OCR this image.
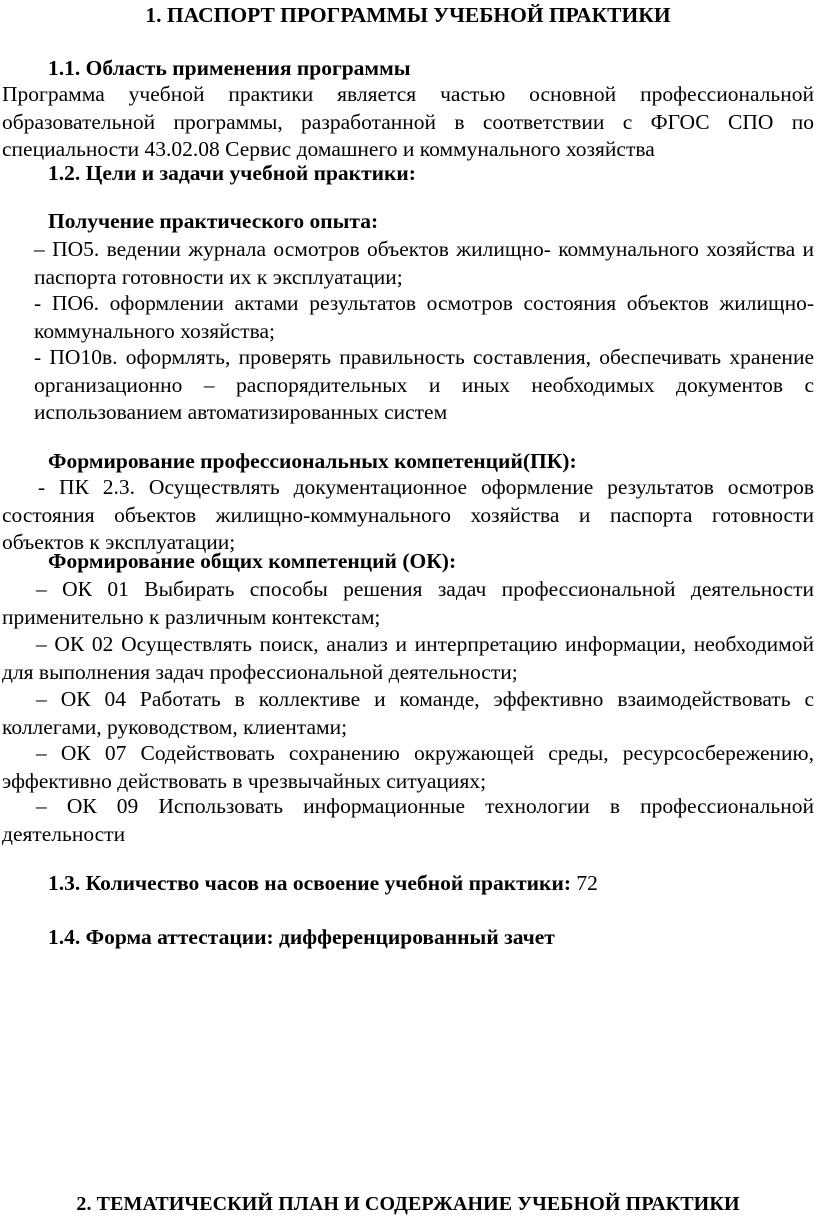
1. ПАСПОРТ ПРОГРАММЫ УЧЕБНОЙ ПРАКТИКИ
1.1. Область применения программы
Программа учебной практики является частью основной профессиональной образовательной программы, разработанной в соответствии с ФГОС СПО по специальности 43.02.08 Сервис домашнего и коммунального хозяйства
1.2. Цели и задачи учебной практики:
Получение практического опыта:
– ПО5. ведении журнала осмотров объектов жилищно- коммунального хозяйства и паспорта готовности их к эксплуатации;
- ПО6. оформлении актами результатов осмотров состояния объектов жилищно-коммунального хозяйства;
- ПО10в. оформлять, проверять правильность составления, обеспечивать хранение организационно – распорядительных и иных необходимых документов с использованием автоматизированных систем
Формирование профессиональных компетенций(ПК):
- ПК 2.3. Осуществлять документационное оформление результатов осмотров состояния объектов жилищно-коммунального хозяйства и паспорта готовности объектов к эксплуатации;
Формирование общих компетенций (ОК):
– ОК 01 Выбирать способы решения задач профессиональной деятельности применительно к различным контекстам;
– ОК 02 Осуществлять поиск, анализ и интерпретацию информации, необходимой для выполнения задач профессиональной деятельности;
– ОК 04 Работать в коллективе и команде, эффективно взаимодействовать с коллегами, руководством, клиентами;
– ОК 07 Содействовать сохранению окружающей среды, ресурсосбережению, эффективно действовать в чрезвычайных ситуациях;
– ОК 09 Использовать информационные технологии в профессиональной деятельности
1.3. Количество часов на освоение учебной практики: 72
1.4. Форма аттестации: дифференцированный зачет
2. ТЕМАТИЧЕСКИЙ ПЛАН И СОДЕРЖАНИЕ УЧЕБНОЙ ПРАКТИКИ
